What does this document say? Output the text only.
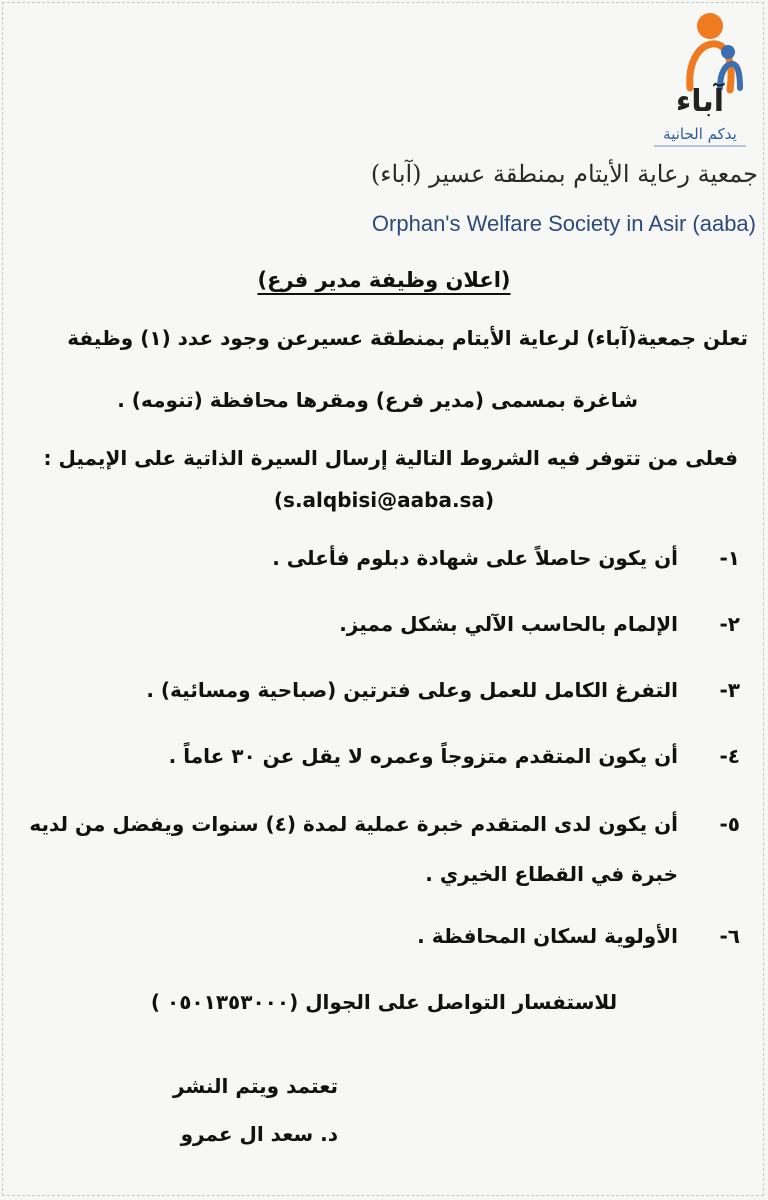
آباء
يدكم الحانية
جمعية رعاية الأيتام بمنطقة عسير (آباء)
Orphan's Welfare Society in Asir (aaba)
(اعلان وظيفة مدير فرع)
تعلن جمعية(آباء) لرعاية الأيتام بمنطقة عسيرعن وجود عدد (١) وظيفة
شاغرة بمسمى (مدير فرع) ومقرها محافظة (تنومه) .
فعلى من تتوفر فيه الشروط التالية إرسال السيرة الذاتية على الإيميل :
(s.alqbisi@aaba.sa)
١-
أن يكون حاصلاً على شهادة دبلوم فأعلى .
٢-
الإلمام بالحاسب الآلي بشكل مميز.
٣-
التفرغ الكامل للعمل وعلى فترتين (صباحية ومسائية) .
٤-
أن يكون المتقدم متزوجاً وعمره لا يقل عن ٣٠ عاماً .
٥-
أن يكون لدى المتقدم خبرة عملية لمدة (٤) سنوات ويفضل من لديه
خبرة في القطاع الخيري .
٦-
الأولوية لسكان المحافظة .
للاستفسار التواصل على الجوال (٠٥٠١٣٥٣٠٠٠ )
تعتمد ويتم النشر
د. سعد ال عمرو
